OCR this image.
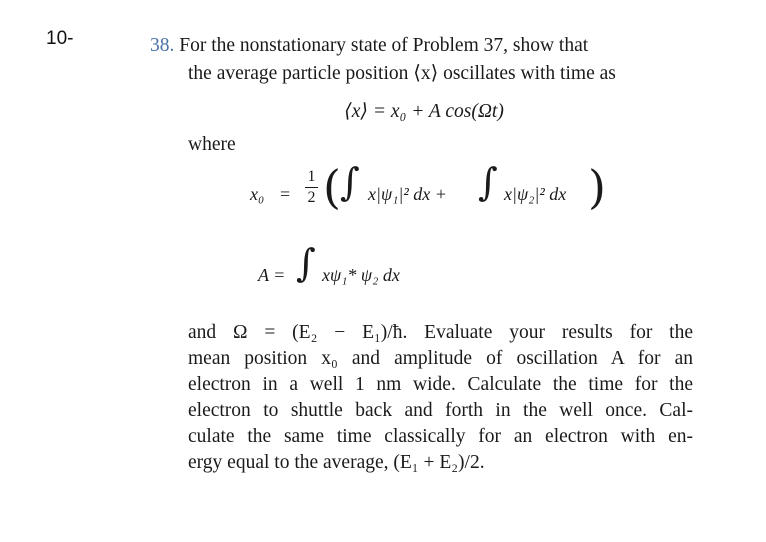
10-	38. For the nonstationary state of Problem 37, show that
the average particle position ⟨x⟩ oscillates with time as
⟨x⟩ = x₀ + A cos(Ωt)
where
x₀ =
1
2 ( ∫ x|ψ₁|² dx + ∫ x|ψ₂|² dx )
A = ∫ xψ₁* ψ₂ dx
and Ω = (E₂ − E₁)/ħ. Evaluate your results for the
mean position x₀ and amplitude of oscillation A for an
electron in a well 1 nm wide. Calculate the time for the
electron to shuttle back and forth in the well once. Cal-
culate the same time classically for an electron with en-
ergy equal to the average, (E₁ + E₂)/2.
